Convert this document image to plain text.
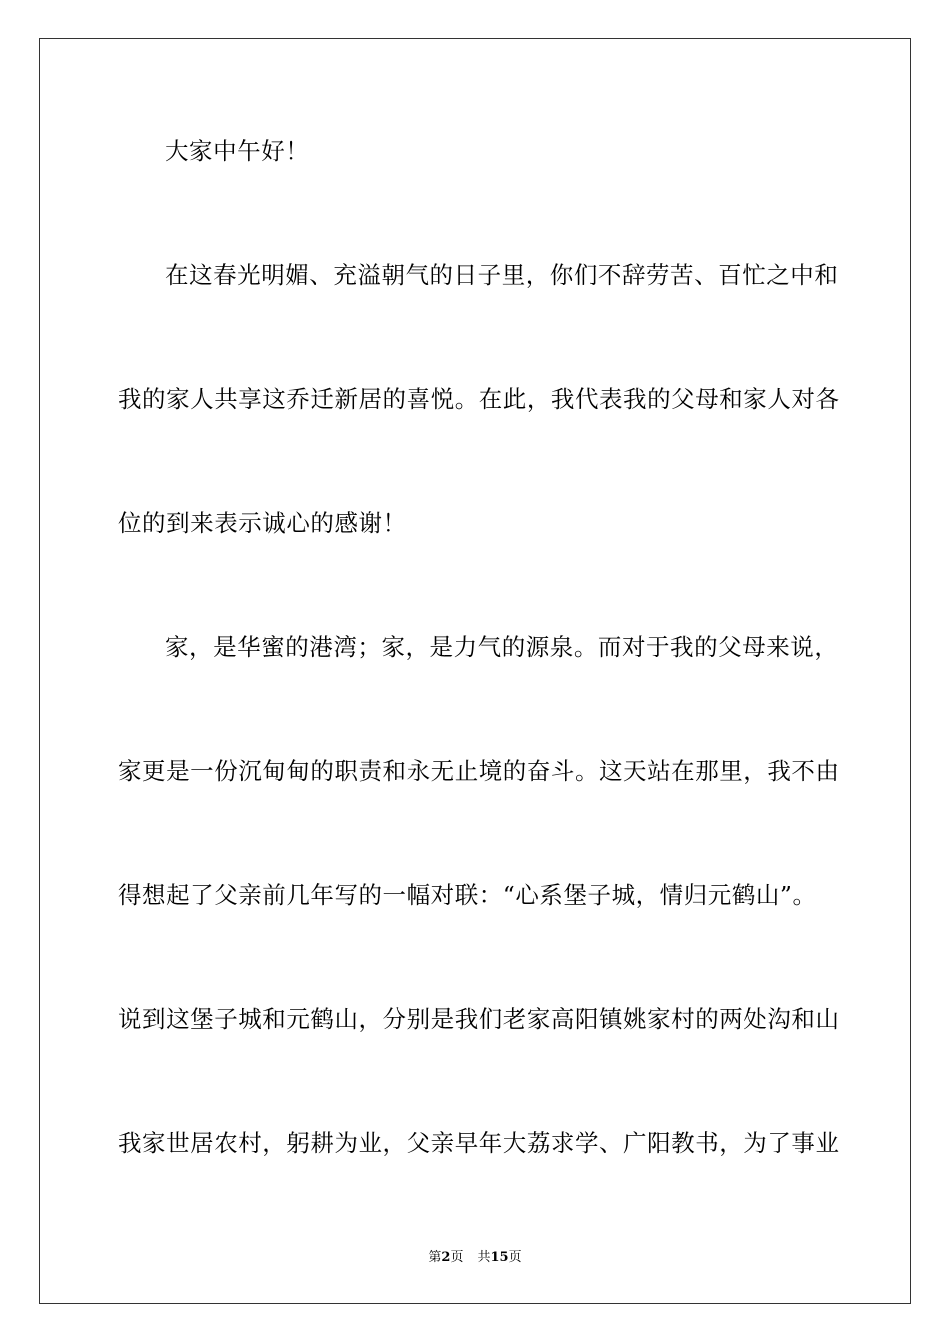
大家中午好！
在这春光明媚、充溢朝气的日子里，你们不辞劳苦、百忙之中和
我的家人共享这乔迁新居的喜悦。在此，我代表我的父母和家人对各
位的到来表示诚心的感谢！
家，是华蜜的港湾；家，是力气的源泉。而对于我的父母来说，
家更是一份沉甸甸的职责和永无止境的奋斗。这天站在那里，我不由
得想起了父亲前几年写的一幅对联：“心系堡子城，情归元鹤山”。
说到这堡子城和元鹤山，分别是我们老家高阳镇姚家村的两处沟和山
我家世居农村，躬耕为业，父亲早年大荔求学、广阳教书，为了事业
第2页 共15页
